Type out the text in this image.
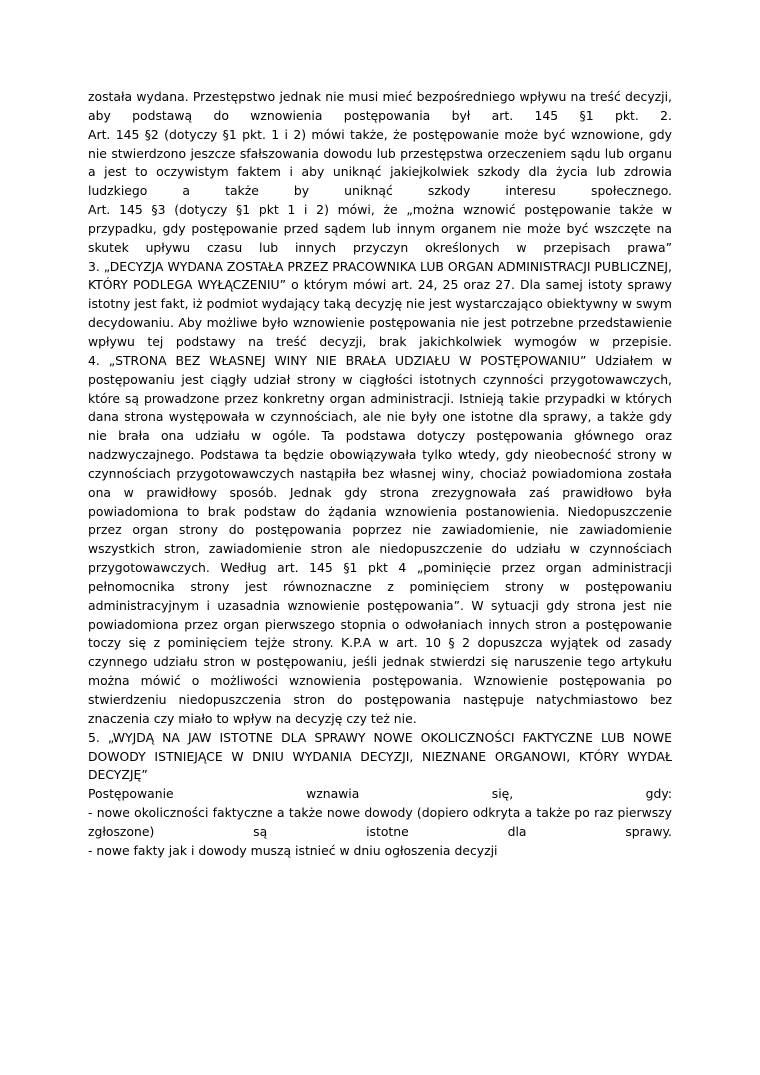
została wydana. Przestępstwo jednak nie musi mieć bezpośredniego wpływu na treść decyzji, aby podstawą do wznowienia postępowania był art. 145 §1 pkt. 2.

Art. 145 §2 (dotyczy §1 pkt. 1 i 2) mówi także, że postępowanie może być wznowione, gdy nie stwierdzono jeszcze sfałszowania dowodu lub przestępstwa orzeczeniem sądu lub organu a jest to oczywistym faktem i aby uniknąć jakiejkolwiek szkody dla życia lub zdrowia ludzkiego a także by uniknąć szkody interesu społecznego.

Art. 145 §3 (dotyczy §1 pkt 1 i 2) mówi, że „można wznowić postępowanie także w przypadku, gdy postępowanie przed sądem lub innym organem nie może być wszczęte na skutek upływu czasu lub innych przyczyn określonych w przepisach prawa”

3. „DECYZJA WYDANA ZOSTAŁA PRZEZ PRACOWNIKA LUB ORGAN ADMINISTRACJI PUBLICZNEJ, KTÓRY PODLEGA WYŁĄCZENIU” o którym mówi art. 24, 25 oraz 27. Dla samej istoty sprawy istotny jest fakt, iż podmiot wydający taką decyzję nie jest wystarczająco obiektywny w swym decydowaniu. Aby możliwe było wznowienie postępowania nie jest potrzebne przedstawienie wpływu tej podstawy na treść decyzji, brak jakichkolwiek wymogów w przepisie.

4. „STRONA BEZ WŁASNEJ WINY NIE BRAŁA UDZIAŁU W POSTĘPOWANIU” Udziałem w postępowaniu jest ciągły udział strony w ciągłości istotnych czynności przygotowawczych, które są prowadzone przez konkretny organ administracji. Istnieją takie przypadki w których dana strona występowała w czynnościach, ale nie były one istotne dla sprawy, a także gdy nie brała ona udziału w ogóle. Ta podstawa dotyczy postępowania głównego oraz nadzwyczajnego. Podstawa ta będzie obowiązywała tylko wtedy, gdy nieobecność strony w czynnościach przygotowawczych nastąpiła bez własnej winy, chociaż powiadomiona została ona w prawidłowy sposób. Jednak gdy strona zrezygnowała zaś prawidłowo była powiadomiona to brak podstaw do żądania wznowienia postanowienia. Niedopuszczenie przez organ strony do postępowania poprzez nie zawiadomienie, nie zawiadomienie wszystkich stron, zawiadomienie stron ale niedopuszczenie do udziału w czynnościach przygotowawczych. Według art. 145 §1 pkt 4 „pominięcie przez organ administracji pełnomocnika strony jest równoznaczne z pominięciem strony w postępowaniu administracyjnym i uzasadnia wznowienie postępowania”. W sytuacji gdy strona jest nie powiadomiona przez organ pierwszego stopnia o odwołaniach innych stron a postępowanie toczy się z pominięciem tejże strony. K.P.A w art. 10 § 2 dopuszcza wyjątek od zasady czynnego udziału stron w postępowaniu, jeśli jednak stwierdzi się naruszenie tego artykułu można mówić o możliwości wznowienia postępowania. Wznowienie postępowania po stwierdzeniu niedopuszczenia stron do postępowania następuje natychmiastowo bez znaczenia czy miało to wpływ na decyzję czy też nie.

5. „WYJDĄ NA JAW ISTOTNE DLA SPRAWY NOWE OKOLICZNOŚCI FAKTYCZNE LUB NOWE DOWODY ISTNIEJĄCE W DNIU WYDANIA DECYZJI, NIEZNANE ORGANOWI, KTÓRY WYDAŁ DECYZJĘ”

Postępowanie wznawia się, gdy:

- nowe okoliczności faktyczne a także nowe dowody (dopiero odkryta a także po raz pierwszy zgłoszone) są istotne dla sprawy.

- nowe fakty jak i dowody muszą istnieć w dniu ogłoszenia decyzji
